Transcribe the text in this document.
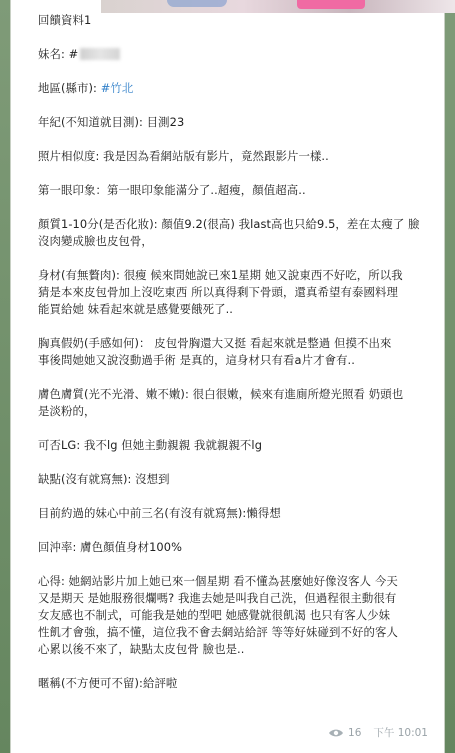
回饋資料1

妹名: #

地區(縣市): #竹北

年紀(不知道就目測): 目測23

照片相似度: 我是因為看網站版有影片，竟然跟影片一樣..

第一眼印象：第一眼印象能滿分了..超瘦，顏值超高..

顏質1-10分(是否化妝): 顏值9.2(很高) 我last高也只給9.5，差在太瘦了 臉

沒肉變成臉也皮包骨，

身材(有無贅肉): 很瘦 候來問她說已來1星期 她又說東西不好吃，所以我

猜是本來皮包骨加上沒吃東西 所以真得剩下骨頭，還真希望有泰國料理

能買給她 妹看起來就是感覺要餓死了..

胸真假奶(手感如何)： 皮包骨胸還大又挺 看起來就是整過 但摸不出來

事後問她她又說沒動過手術 是真的，這身材只有看a片才會有..

膚色膚質(光不光滑、嫩不嫩): 很白很嫩，候來有進廁所燈光照看 奶頭也

是淡粉的，

可否LG: 我不lg 但她主動親親 我就親親不lg

缺點(沒有就寫無): 沒想到

目前約過的妹心中前三名(有沒有就寫無):懶得想

回沖率: 膚色顏值身材100%

心得: 她網站影片加上她已來一個星期 看不懂為甚麼她好像沒客人 今天

又是期天 是她服務很爛嗎? 我進去她是叫我自己洗，但過程很主動很有

女友感也不制式，可能我是她的型吧 她感覺就很飢渴 也只有客人少妹

性飢才會強，搞不懂，這位我不會去網站給評 等等好妹碰到不好的客人

心累以後不來了，缺點太皮包骨 臉也是..

暱稱(不方便可不留):給評啦

16 下午 10:01
